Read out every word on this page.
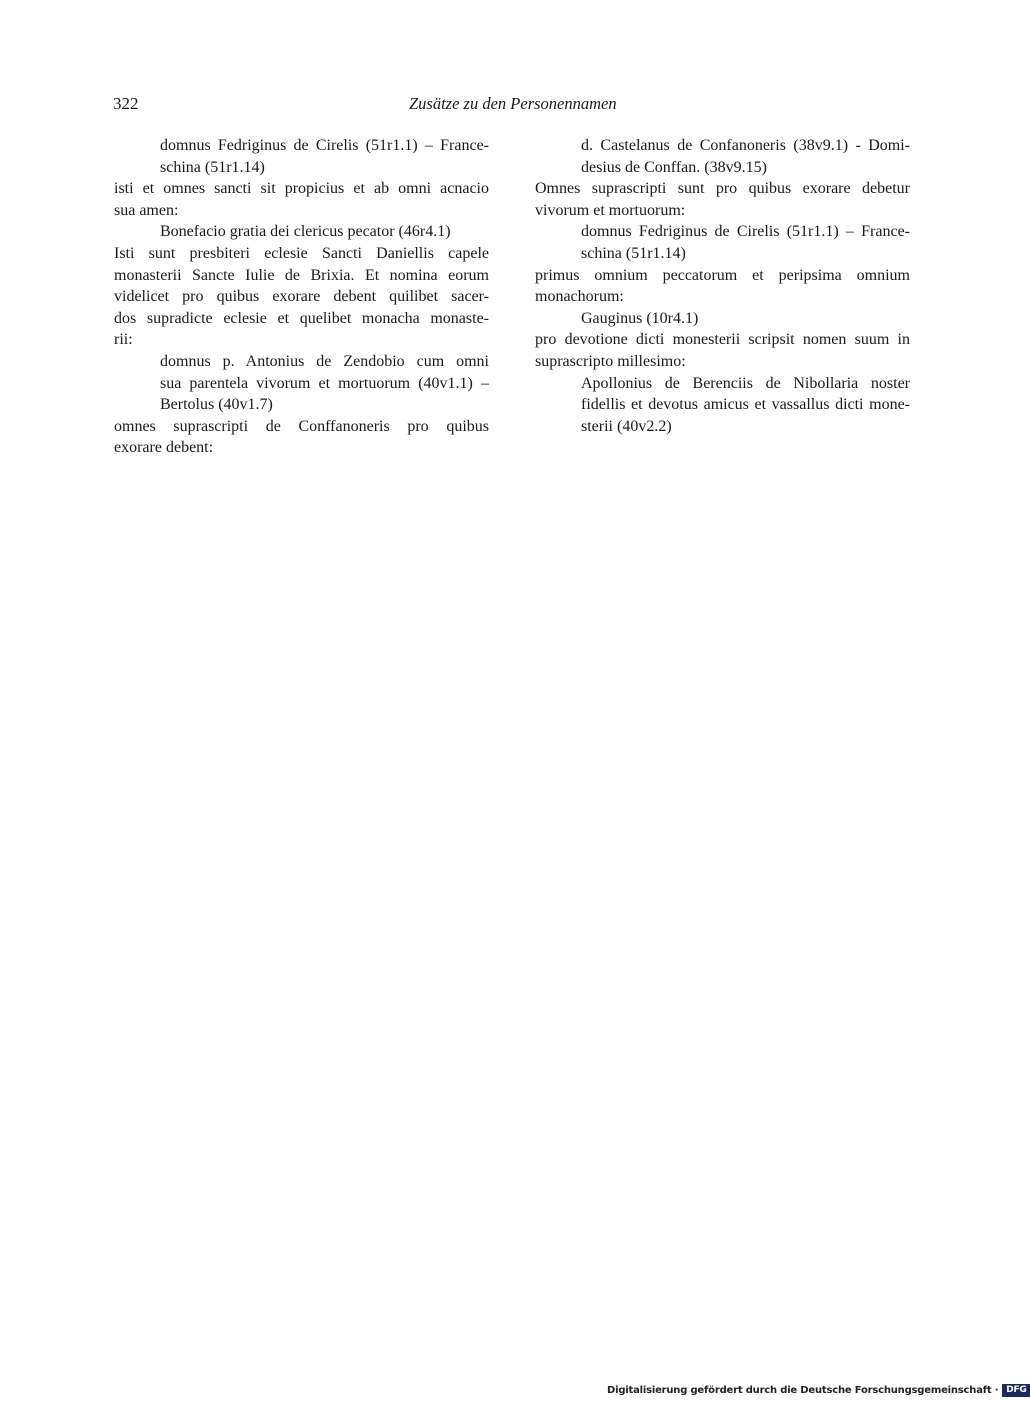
322	Zusätze zu den Personennamen

domnus Fedriginus de Cirelis (51r1.1) – France-
schina (51r1.14)

isti et omnes sancti sit propicius et ab omni acnacio
sua amen:

Bonefacio gratia dei clericus pecator (46r4.1)

Isti sunt presbiteri eclesie Sancti Daniellis capele
monasterii Sancte Iulie de Brixia. Et nomina eorum
videlicet pro quibus exorare debent quilibet sacer-
dos supradicte eclesie et quelibet monacha monaste-
rii:

domnus p. Antonius de Zendobio cum omni
sua parentela vivorum et mortuorum (40v1.1) –
Bertolus (40v1.7)

omnes suprascripti de Conffanoneris pro quibus
exorare debent:

d. Castelanus de Confanoneris (38v9.1) - Domi-
desius de Conffan. (38v9.15)

Omnes suprascripti sunt pro quibus exorare debetur
vivorum et mortuorum:

domnus Fedriginus de Cirelis (51r1.1) – France-
schina (51r1.14)

primus omnium peccatorum et peripsima omnium
monachorum:

Gauginus (10r4.1)

pro devotione dicti monesterii scripsit nomen suum in
suprascripto millesimo:

Apollonius de Berenciis de Nibollaria noster
fidellis et devotus amicus et vassallus dicti mone-
sterii (40v2.2)

Digitalisierung gefördert durch die Deutsche Forschungsgemeinschaft · DFG
